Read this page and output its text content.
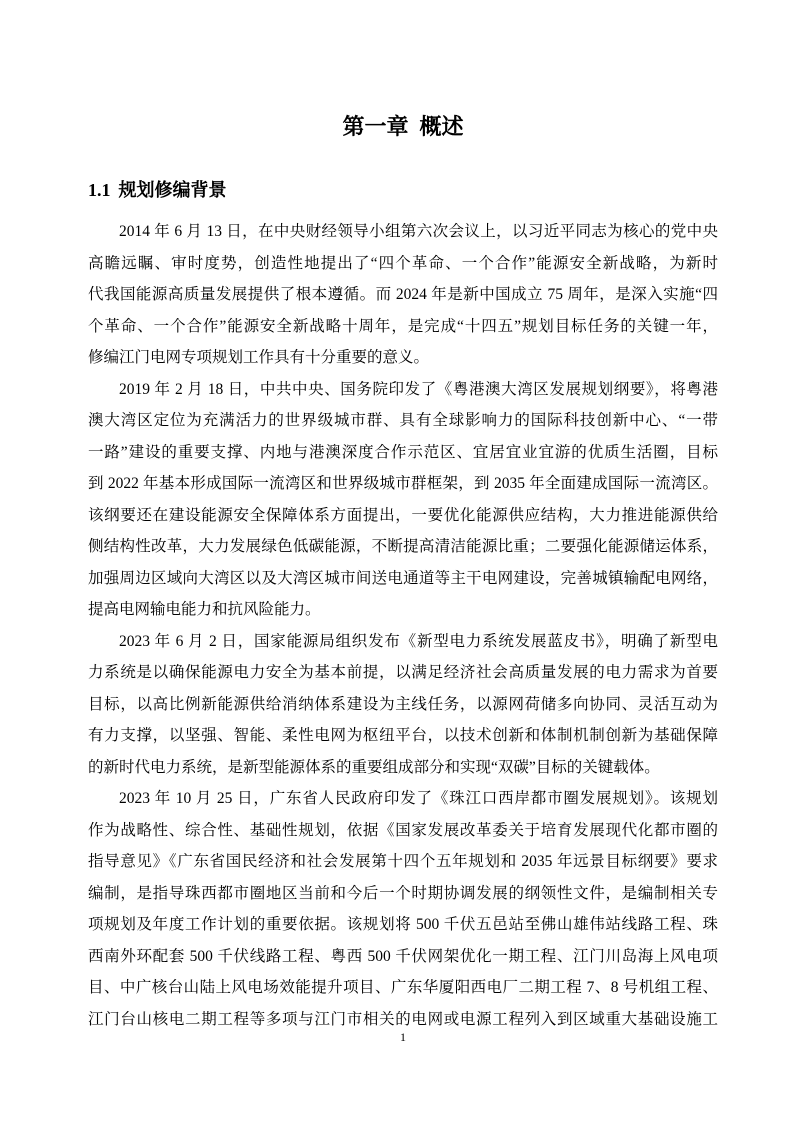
第一章  概述
1.1 规划修编背景
2014 年 6 月 13 日，在中央财经领导小组第六次会议上，以习近平同志为核心的党中央
高瞻远瞩、审时度势，创造性地提出了“四个革命、一个合作”能源安全新战略，为新时
代我国能源高质量发展提供了根本遵循。而 2024 年是新中国成立 75 周年，是深入实施“四
个革命、一个合作”能源安全新战略十周年，是完成“十四五”规划目标任务的关键一年，
修编江门电网专项规划工作具有十分重要的意义。
2019 年 2 月 18 日，中共中央、国务院印发了《粤港澳大湾区发展规划纲要》，将粤港
澳大湾区定位为充满活力的世界级城市群、具有全球影响力的国际科技创新中心、“一带
一路”建设的重要支撑、内地与港澳深度合作示范区、宜居宜业宜游的优质生活圈，目标
到 2022 年基本形成国际一流湾区和世界级城市群框架，到 2035 年全面建成国际一流湾区。
该纲要还在建设能源安全保障体系方面提出，一要优化能源供应结构，大力推进能源供给
侧结构性改革，大力发展绿色低碳能源，不断提高清洁能源比重；二要强化能源储运体系，
加强周边区域向大湾区以及大湾区城市间送电通道等主干电网建设，完善城镇输配电网络，
提高电网输电能力和抗风险能力。
2023 年 6 月 2 日，国家能源局组织发布《新型电力系统发展蓝皮书》，明确了新型电
力系统是以确保能源电力安全为基本前提，以满足经济社会高质量发展的电力需求为首要
目标，以高比例新能源供给消纳体系建设为主线任务，以源网荷储多向协同、灵活互动为
有力支撑，以坚强、智能、柔性电网为枢纽平台，以技术创新和体制机制创新为基础保障
的新时代电力系统，是新型能源体系的重要组成部分和实现“双碳”目标的关键载体。
2023 年 10 月 25 日，广东省人民政府印发了《珠江口西岸都市圈发展规划》。该规划
作为战略性、综合性、基础性规划，依据《国家发展改革委关于培育发展现代化都市圈的
指导意见》《广东省国民经济和社会发展第十四个五年规划和 2035 年远景目标纲要》要求
编制，是指导珠西都市圈地区当前和今后一个时期协调发展的纲领性文件，是编制相关专
项规划及年度工作计划的重要依据。该规划将 500 千伏五邑站至佛山雄伟站线路工程、珠
西南外环配套 500 千伏线路工程、粤西 500 千伏网架优化一期工程、江门川岛海上风电项
目、中广核台山陆上风电场效能提升项目、广东华厦阳西电厂二期工程 7、8 号机组工程、
江门台山核电二期工程等多项与江门市相关的电网或电源工程列入到区域重大基础设施工
1
